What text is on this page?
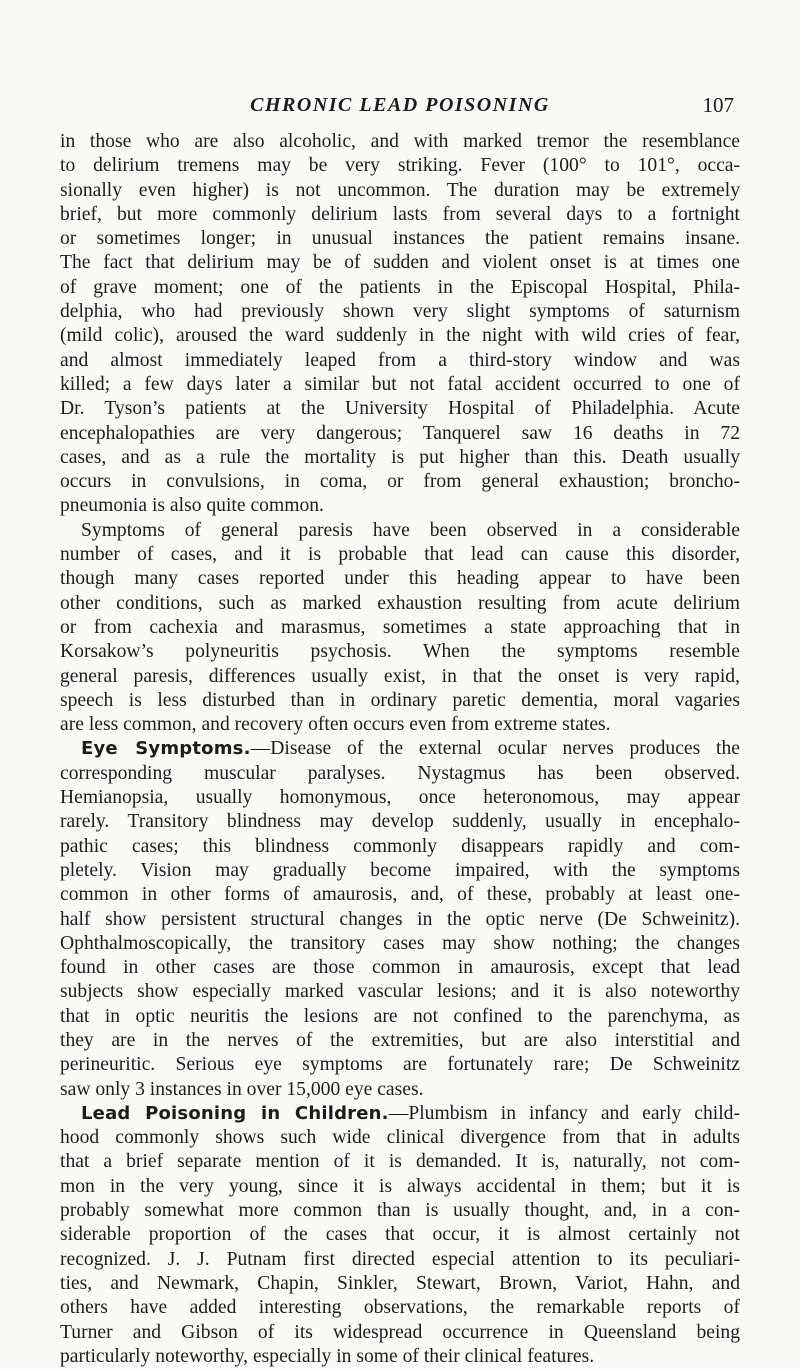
CHRONIC LEAD POISONING	107
in those who are also alcoholic, and with marked tremor the resemblance
to delirium tremens may be very striking. Fever (100° to 101°, occa-
sionally even higher) is not uncommon. The duration may be extremely
brief, but more commonly delirium lasts from several days to a fortnight
or sometimes longer; in unusual instances the patient remains insane.
The fact that delirium may be of sudden and violent onset is at times one
of grave moment; one of the patients in the Episcopal Hospital, Phila-
delphia, who had previously shown very slight symptoms of saturnism
(mild colic), aroused the ward suddenly in the night with wild cries of fear,
and almost immediately leaped from a third-story window and was
killed; a few days later a similar but not fatal accident occurred to one of
Dr. Tyson’s patients at the University Hospital of Philadelphia. Acute
encephalopathies are very dangerous; Tanquerel saw 16 deaths in 72
cases, and as a rule the mortality is put higher than this. Death usually
occurs in convulsions, in coma, or from general exhaustion; broncho-
pneumonia is also quite common.
Symptoms of general paresis have been observed in a considerable
number of cases, and it is probable that lead can cause this disorder,
though many cases reported under this heading appear to have been
other conditions, such as marked exhaustion resulting from acute delirium
or from cachexia and marasmus, sometimes a state approaching that in
Korsakow’s polyneuritis psychosis. When the symptoms resemble
general paresis, differences usually exist, in that the onset is very rapid,
speech is less disturbed than in ordinary paretic dementia, moral vagaries
are less common, and recovery often occurs even from extreme states.
Eye Symptoms.—Disease of the external ocular nerves produces the
corresponding muscular paralyses. Nystagmus has been observed.
Hemianopsia, usually homonymous, once heteronomous, may appear
rarely. Transitory blindness may develop suddenly, usually in encephalo-
pathic cases; this blindness commonly disappears rapidly and com-
pletely. Vision may gradually become impaired, with the symptoms
common in other forms of amaurosis, and, of these, probably at least one-
half show persistent structural changes in the optic nerve (De Schweinitz).
Ophthalmoscopically, the transitory cases may show nothing; the changes
found in other cases are those common in amaurosis, except that lead
subjects show especially marked vascular lesions; and it is also noteworthy
that in optic neuritis the lesions are not confined to the parenchyma, as
they are in the nerves of the extremities, but are also interstitial and
perineuritic. Serious eye symptoms are fortunately rare; De Schweinitz
saw only 3 instances in over 15,000 eye cases.
Lead Poisoning in Children.—Plumbism in infancy and early child-
hood commonly shows such wide clinical divergence from that in adults
that a brief separate mention of it is demanded. It is, naturally, not com-
mon in the very young, since it is always accidental in them; but it is
probably somewhat more common than is usually thought, and, in a con-
siderable proportion of the cases that occur, it is almost certainly not
recognized. J. J. Putnam first directed especial attention to its peculiari-
ties, and Newmark, Chapin, Sinkler, Stewart, Brown, Variot, Hahn, and
others have added interesting observations, the remarkable reports of
Turner and Gibson of its widespread occurrence in Queensland being
particularly noteworthy, especially in some of their clinical features.
